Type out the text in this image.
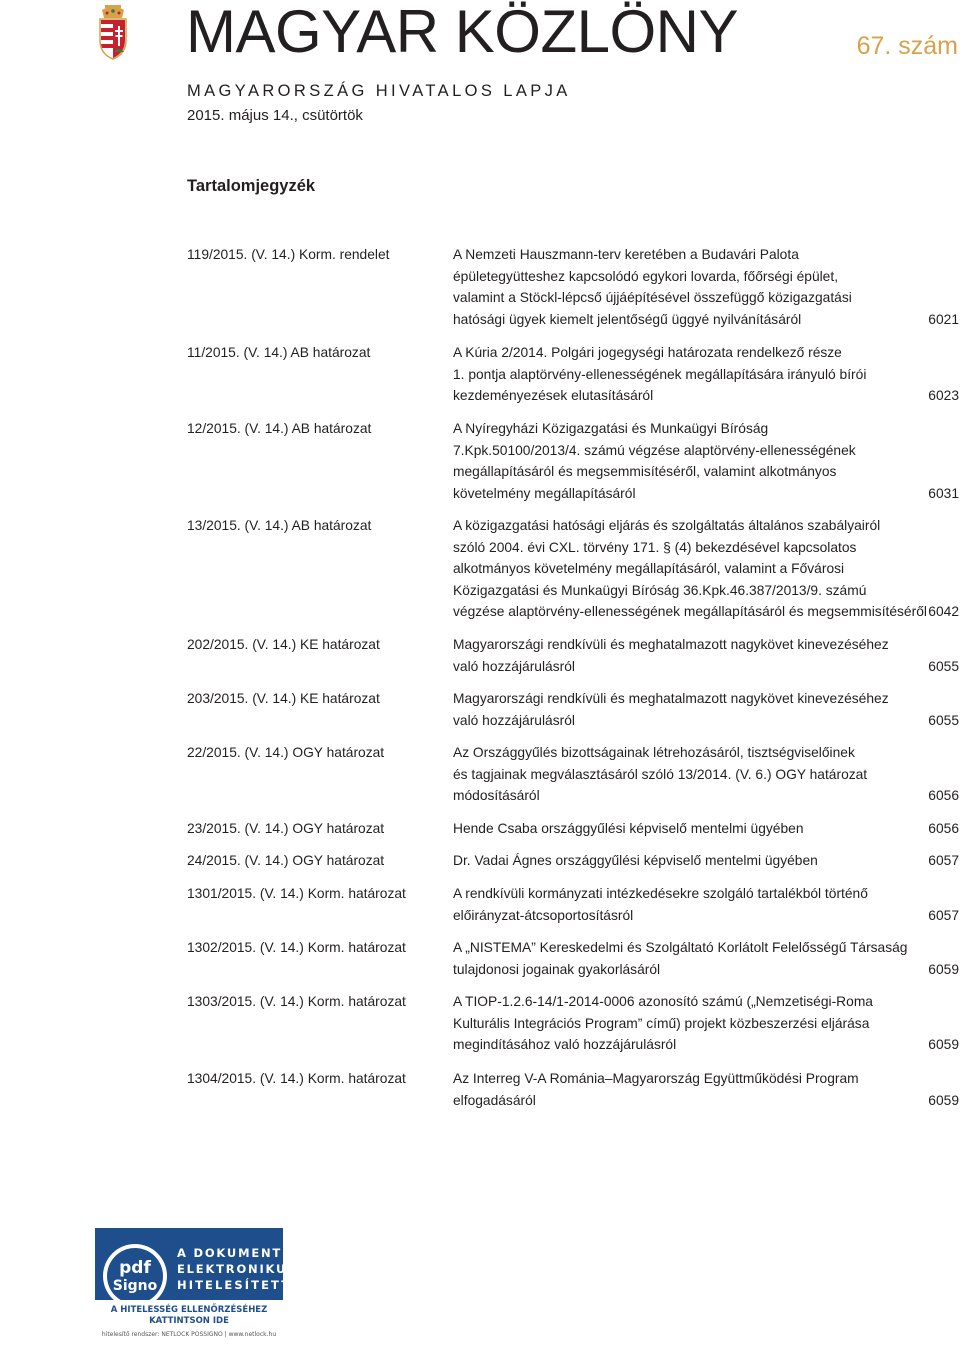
MAGYAR KÖZLÖNY	67. szám
MAGYARORSZÁG HIVATALOS LAPJA
2015. május 14., csütörtök
Tartalomjegyzék
119/2015. (V. 14.) Korm. rendelet	A Nemzeti Hauszmann-terv keretében a Budavári Palota
épületegyütteshez kapcsolódó egykori lovarda, főőrségi épület,
valamint a Stöckl-lépcső újjáépítésével összefüggő közigazgatási
hatósági ügyek kiemelt jelentőségű üggyé nyilvánításáról	6021
11/2015. (V. 14.) AB határozat	A Kúria 2/2014. Polgári jogegységi határozata rendelkező része
1. pontja alaptörvény-ellenességének megállapítására irányuló bírói
kezdeményezések elutasításáról	6023
12/2015. (V. 14.) AB határozat	A Nyíregyházi Közigazgatási és Munkaügyi Bíróság
7.Kpk.50100/2013/4. számú végzése alaptörvény-ellenességének
megállapításáról és megsemmisítéséről, valamint alkotmányos
követelmény megállapításáról	6031
13/2015. (V. 14.) AB határozat	A közigazgatási hatósági eljárás és szolgáltatás általános szabályairól
szóló 2004. évi CXL. törvény 171. § (4) bekezdésével kapcsolatos
alkotmányos követelmény megállapításáról, valamint a Fővárosi
Közigazgatási és Munkaügyi Bíróság 36.Kpk.46.387/2013/9. számú
végzése alaptörvény-ellenességének megállapításáról és megsemmisítéséről 6042
202/2015. (V. 14.) KE határozat	Magyarországi rendkívüli és meghatalmazott nagykövet kinevezéséhez
való hozzájárulásról	6055
203/2015. (V. 14.) KE határozat	Magyarországi rendkívüli és meghatalmazott nagykövet kinevezéséhez
való hozzájárulásról	6055
22/2015. (V. 14.) OGY határozat	Az Országgyűlés bizottságainak létrehozásáról, tisztségviselőinek
és tagjainak megválasztásáról szóló 13/2014. (V. 6.) OGY határozat
módosításáról	6056
23/2015. (V. 14.) OGY határozat	Hende Csaba országgyűlési képviselő mentelmi ügyében	6056
24/2015. (V. 14.) OGY határozat	Dr. Vadai Ágnes országgyűlési képviselő mentelmi ügyében	6057
1301/2015. (V. 14.) Korm. határozat	A rendkívüli kormányzati intézkedésekre szolgáló tartalékból történő
előirányzat-átcsoportosításról	6057
1302/2015. (V. 14.) Korm. határozat	A „NISTEMA” Kereskedelmi és Szolgáltató Korlátolt Felelősségű Társaság
tulajdonosi jogainak gyakorlásáról	6059
1303/2015. (V. 14.) Korm. határozat	A TIOP-1.2.6-14/1-2014-0006 azonosító számú („Nemzetiségi-Roma
Kulturális Integrációs Program” című) projekt közbeszerzési eljárása
megindításához való hozzájárulásról	6059
1304/2015. (V. 14.) Korm. határozat	Az Interreg V-A Románia–Magyarország Együttműködési Program
elfogadásáról	6059
pdf
Signo
A DOKUMENTUM
ELEKTRONIKUSAN
HITELESÍTETT
A HITELESSÉG ELLENŐRZÉSÉHEZ
KATTINTSON IDE
hitelesítő rendszer: NETLOCK POSSIGNO | www.netlock.hu
